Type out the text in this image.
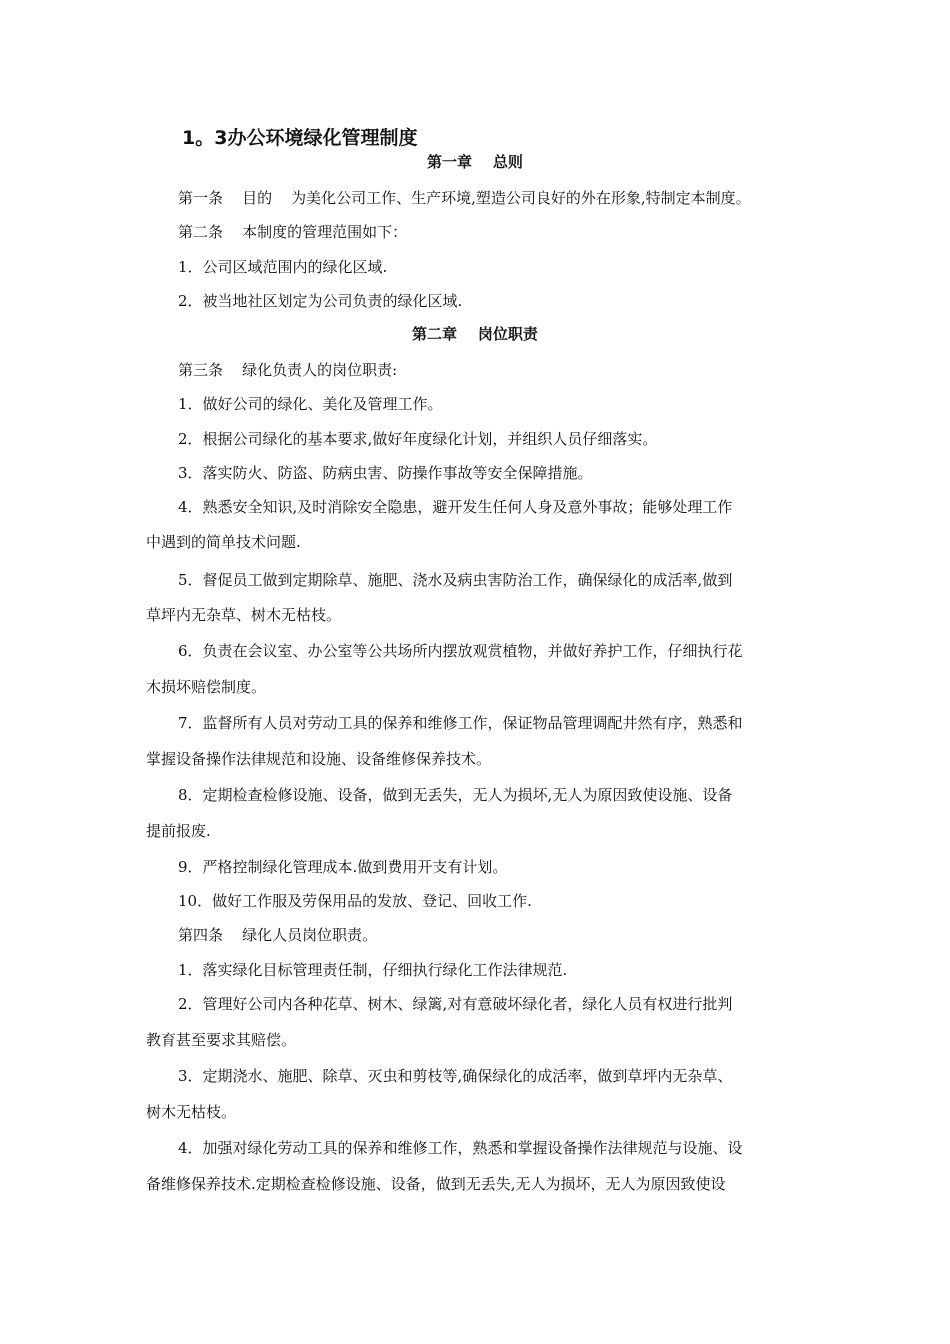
1。3办公环境绿化管理制度
第一章    总则
第一条    目的    为美化公司工作、生产环境,塑造公司良好的外在形象,特制定本制度。
第二条    本制度的管理范围如下：
1．公司区域范围内的绿化区域.
2．被当地社区划定为公司负责的绿化区域.
第二章    岗位职责
第三条    绿化负责人的岗位职责:
1．做好公司的绿化、美化及管理工作。
2．根据公司绿化的基本要求,做好年度绿化计划，并组织人员仔细落实。
3．落实防火、防盗、防病虫害、防操作事故等安全保障措施。
4．熟悉安全知识,及时消除安全隐患，避开发生任何人身及意外事故；能够处理工作
中遇到的简单技术问题.
5．督促员工做到定期除草、施肥、浇水及病虫害防治工作，确保绿化的成活率,做到
草坪内无杂草、树木无枯枝。
6．负责在会议室、办公室等公共场所内摆放观赏植物，并做好养护工作，仔细执行花
木损坏赔偿制度。
7．监督所有人员对劳动工具的保养和维修工作，保证物品管理调配井然有序，熟悉和
掌握设备操作法律规范和设施、设备维修保养技术。
8．定期检查检修设施、设备，做到无丢失，无人为损坏,无人为原因致使设施、设备
提前报废.
9．严格控制绿化管理成本.做到费用开支有计划。
10．做好工作服及劳保用品的发放、登记、回收工作.
第四条    绿化人员岗位职责。
1．落实绿化目标管理责任制，仔细执行绿化工作法律规范.
2．管理好公司内各种花草、树木、绿篱,对有意破坏绿化者，绿化人员有权进行批判
教育甚至要求其赔偿。
3．定期浇水、施肥、除草、灭虫和剪枝等,确保绿化的成活率，做到草坪内无杂草、
树木无枯枝。
4．加强对绿化劳动工具的保养和维修工作，熟悉和掌握设备操作法律规范与设施、设
备维修保养技术.定期检查检修设施、设备，做到无丢失,无人为损坏，无人为原因致使设
